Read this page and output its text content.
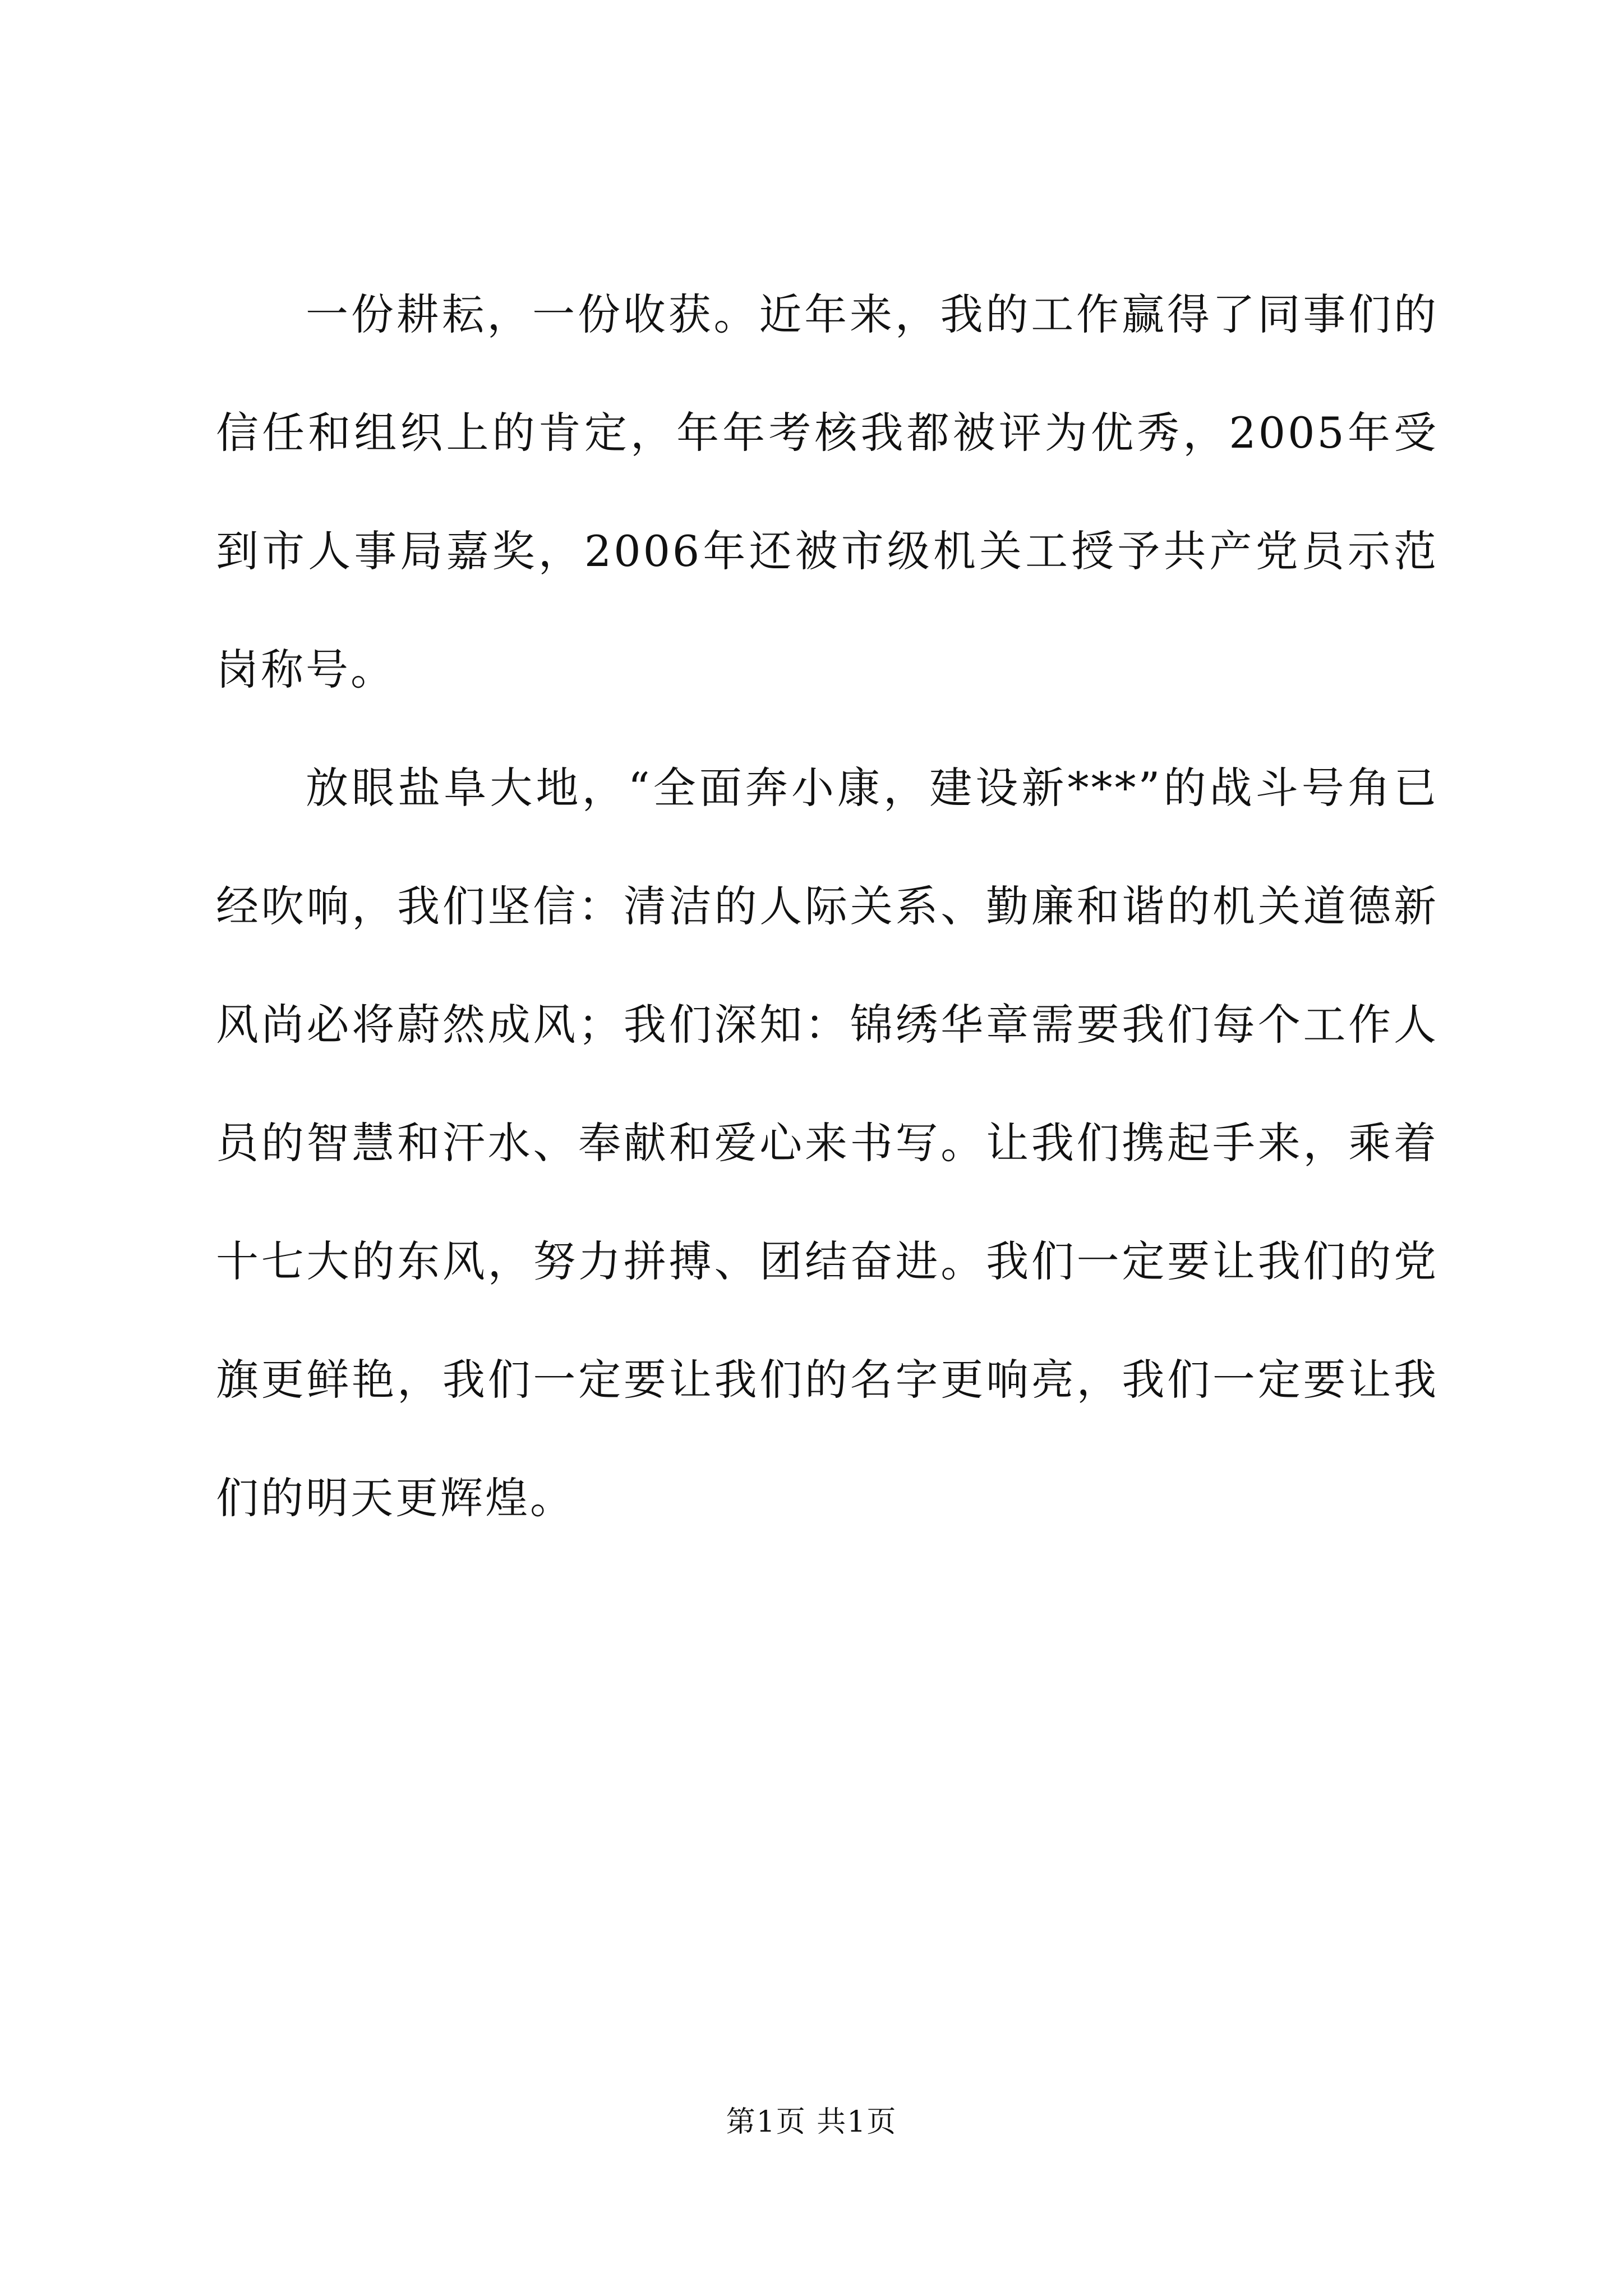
一份耕耘，一份收获。近年来，我的工作赢得了同事们的信任和组织上的肯定，年年考核我都被评为优秀，2005年受到市人事局嘉奖，2006年还被市级机关工授予共产党员示范岗称号。

放眼盐阜大地，“全面奔小康，建设新***”的战斗号角已经吹响，我们坚信：清洁的人际关系、勤廉和谐的机关道德新风尚必将蔚然成风；我们深知：锦绣华章需要我们每个工作人员的智慧和汗水、奉献和爱心来书写。让我们携起手来，乘着十七大的东风，努力拼搏、团结奋进。我们一定要让我们的党旗更鲜艳，我们一定要让我们的名字更响亮，我们一定要让我们的明天更辉煌。

第1页 共1页
